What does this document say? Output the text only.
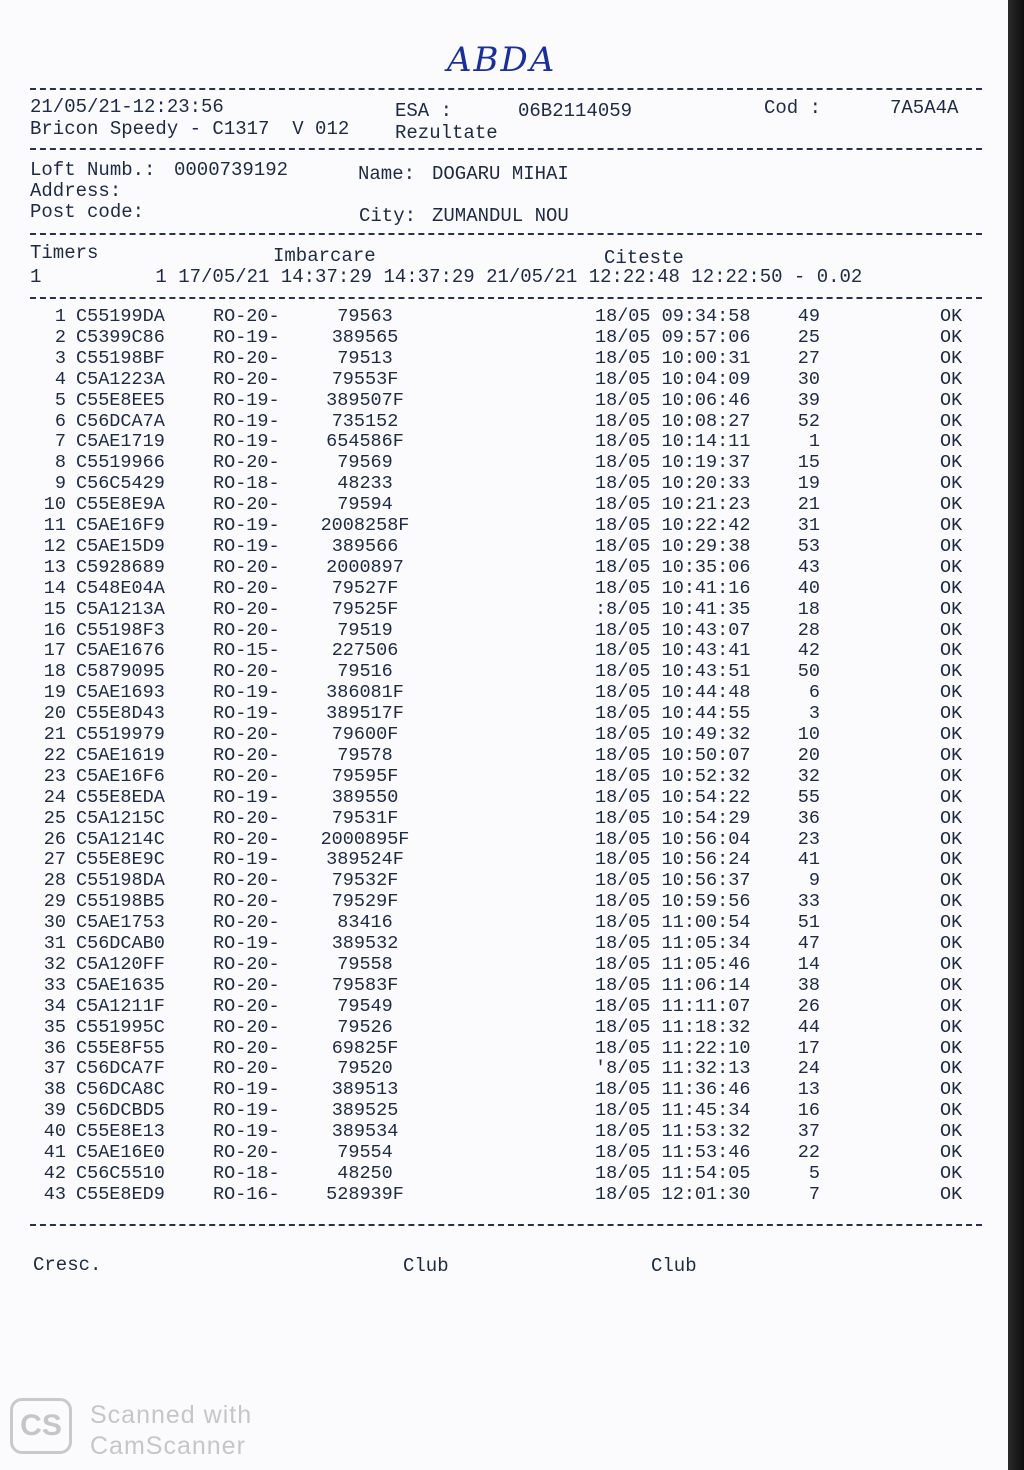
ABDA
21/05/21-12:23:56
Bricon Speedy - C1317  V 012
ESA :	06B2114059
Rezultate
Cod :	7A5A4A
Loft Numb.: 0000739192	Name: DOGARU MIHAI
Address:
Post code:	City: ZUMANDUL NOU
Timers	Imbarcare	Citeste
1          1 17/05/21 14:37:29 14:37:29 21/05/21 12:22:48 12:22:50 - 0.02
1 C55199DA	RO-20-	79563	18/05 09:34:58	49	OK
2 C5399C86	RO-19-	389565	18/05 09:57:06	25	OK
3 C55198BF	RO-20-	79513	18/05 10:00:31	27	OK
4 C5A1223A	RO-20-	79553F	18/05 10:04:09	30	OK
5 C55E8EE5	RO-19-	389507F	18/05 10:06:46	39	OK
6 C56DCA7A	RO-19-	735152	18/05 10:08:27	52	OK
7 C5AE1719	RO-19-	654586F	18/05 10:14:11	1	OK
8 C5519966	RO-20-	79569	18/05 10:19:37	15	OK
9 C56C5429	RO-18-	48233	18/05 10:20:33	19	OK
10 C55E8E9A	RO-20-	79594	18/05 10:21:23	21	OK
11 C5AE16F9	RO-19-	2008258F	18/05 10:22:42	31	OK
12 C5AE15D9	RO-19-	389566	18/05 10:29:38	53	OK
13 C5928689	RO-20-	2000897	18/05 10:35:06	43	OK
14 C548E04A	RO-20-	79527F	18/05 10:41:16	40	OK
15 C5A1213A	RO-20-	79525F	:8/05 10:41:35	18	OK
16 C55198F3	RO-20-	79519	18/05 10:43:07	28	OK
17 C5AE1676	RO-15-	227506	18/05 10:43:41	42	OK
18 C5879095	RO-20-	79516	18/05 10:43:51	50	OK
19 C5AE1693	RO-19-	386081F	18/05 10:44:48	6	OK
20 C55E8D43	RO-19-	389517F	18/05 10:44:55	3	OK
21 C5519979	RO-20-	79600F	18/05 10:49:32	10	OK
22 C5AE1619	RO-20-	79578	18/05 10:50:07	20	OK
23 C5AE16F6	RO-20-	79595F	18/05 10:52:32	32	OK
24 C55E8EDA	RO-19-	389550	18/05 10:54:22	55	OK
25 C5A1215C	RO-20-	79531F	18/05 10:54:29	36	OK
26 C5A1214C	RO-20-	2000895F	18/05 10:56:04	23	OK
27 C55E8E9C	RO-19-	389524F	18/05 10:56:24	41	OK
28 C55198DA	RO-20-	79532F	18/05 10:56:37	9	OK
29 C55198B5	RO-20-	79529F	18/05 10:59:56	33	OK
30 C5AE1753	RO-20-	83416	18/05 11:00:54	51	OK
31 C56DCAB0	RO-19-	389532	18/05 11:05:34	47	OK
32 C5A120FF	RO-20-	79558	18/05 11:05:46	14	OK
33 C5AE1635	RO-20-	79583F	18/05 11:06:14	38	OK
34 C5A1211F	RO-20-	79549	18/05 11:11:07	26	OK
35 C551995C	RO-20-	79526	18/05 11:18:32	44	OK
36 C55E8F55	RO-20-	69825F	18/05 11:22:10	17	OK
37 C56DCA7F	RO-20-	79520	'8/05 11:32:13	24	OK
38 C56DCA8C	RO-19-	389513	18/05 11:36:46	13	OK
39 C56DCBD5	RO-19-	389525	18/05 11:45:34	16	OK
40 C55E8E13	RO-19-	389534	18/05 11:53:32	37	OK
41 C5AE16E0	RO-20-	79554	18/05 11:53:46	22	OK
42 C56C5510	RO-18-	48250	18/05 11:54:05	5	OK
43 C55E8ED9	RO-16-	528939F	18/05 12:01:30	7	OK
Cresc.	Club	Club
CS	Scanned with
CamScanner
